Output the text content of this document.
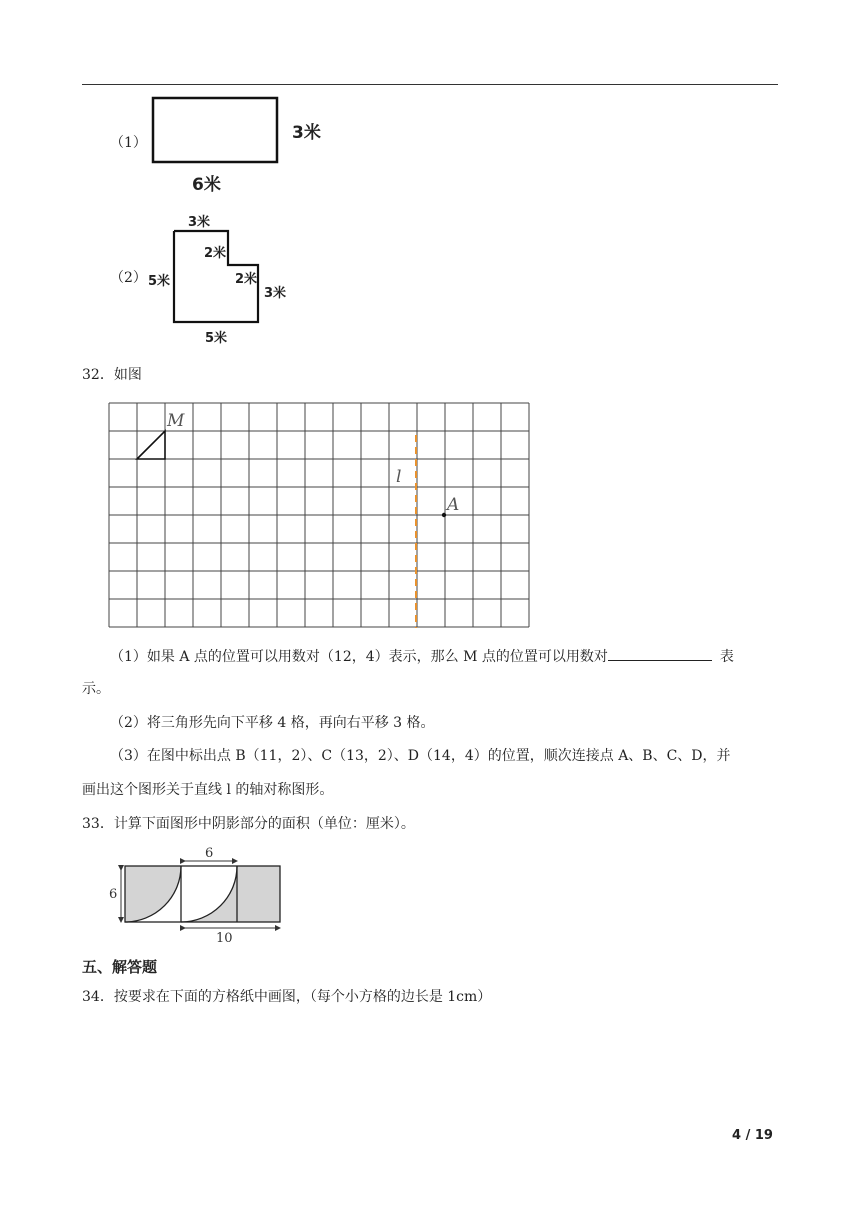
（1）	3米
6米
（2）
3米
5米
2米
2米
3米
5米
32．如图
M
l
A
（1）如果 A 点的位置可以用数对（12，4）表示，那么 M 点的位置可以用数对	表
示。
（2）将三角形先向下平移 4 格，再向右平移 3 格。
（3）在图中标出点 B（11，2）、C（13，2）、D（14，4）的位置，顺次连接点 A、B、C、D，并
画出这个图形关于直线 l 的轴对称图形。
33．计算下面图形中阴影部分的面积（单位：厘米）。
6
6
10
五、解答题
34．按要求在下面的方格纸中画图，（每个小方格的边长是 1cm）
4 / 19
